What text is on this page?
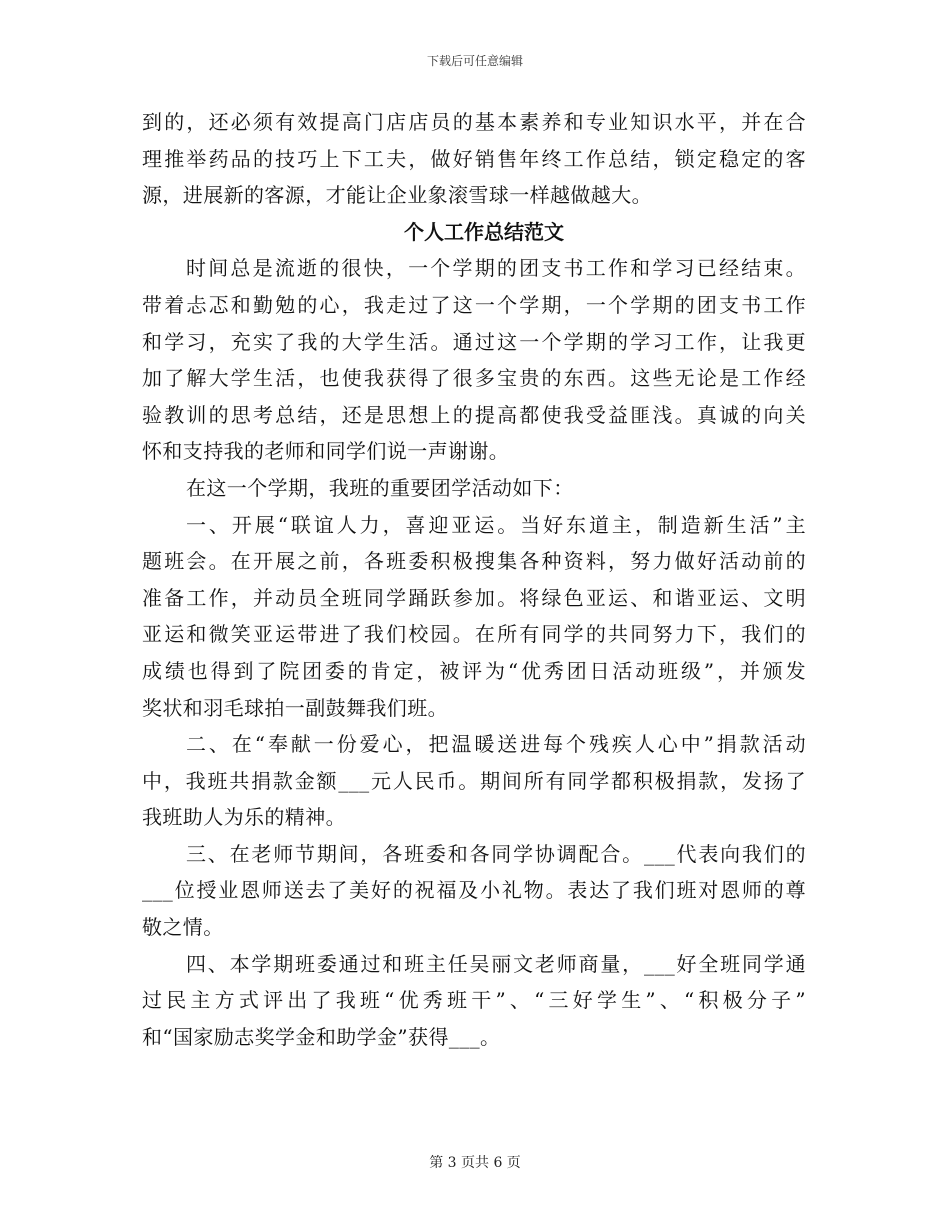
下载后可任意编辑
到的，还必须有效提高门店店员的基本素养和专业知识水平，并在合
理推举药品的技巧上下工夫，做好销售年终工作总结，锁定稳定的客
源，进展新的客源，才能让企业象滚雪球一样越做越大。
个人工作总结范文
时间总是流逝的很快，一个学期的团支书工作和学习已经结束。
带着忐忑和勤勉的心，我走过了这一个学期，一个学期的团支书工作
和学习，充实了我的大学生活。通过这一个学期的学习工作，让我更
加了解大学生活，也使我获得了很多宝贵的东西。这些无论是工作经
验教训的思考总结，还是思想上的提高都使我受益匪浅。真诚的向关
怀和支持我的老师和同学们说一声谢谢。
在这一个学期，我班的重要团学活动如下：
一、开展“联谊人力，喜迎亚运。当好东道主，制造新生活”主
题班会。在开展之前，各班委积极搜集各种资料，努力做好活动前的
准备工作，并动员全班同学踊跃参加。将绿色亚运、和谐亚运、文明
亚运和微笑亚运带进了我们校园。在所有同学的共同努力下，我们的
成绩也得到了院团委的肯定，被评为“优秀团日活动班级”，并颁发
奖状和羽毛球拍一副鼓舞我们班。
二、在“奉献一份爱心，把温暖送进每个残疾人心中”捐款活动
中，我班共捐款金额___元人民币。期间所有同学都积极捐款，发扬了
我班助人为乐的精神。
三、在老师节期间，各班委和各同学协调配合。___代表向我们的
___位授业恩师送去了美好的祝福及小礼物。表达了我们班对恩师的尊
敬之情。
四、本学期班委通过和班主任吴丽文老师商量，___好全班同学通
过民主方式评出了我班“优秀班干”、“三好学生”、“积极分子”
和“国家励志奖学金和助学金”获得___。
第 3 页共 6 页
